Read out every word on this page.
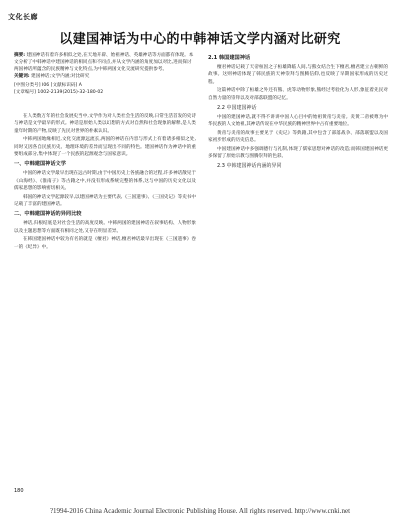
文化长廊
以建国神话为中心的中韩神话文学内涵对比研究
摘要: 建国神话有着许多相似之处,在天地开辟、始祖神话、英雄神话等方面都有体现。本文分析了中韩神话中建国神话的相同点和不同点,并从文学内涵的角度加以对比,进而探讨两国神话所蕴含的民族精神与文化特点,为中韩两国文化交流研究提供参考。
关键词: 建国神话;文学内涵;对比研究
[中图分类号] I06 [文献标识码] A
[文章编号] 1002-2139(2015)-32-180-02

在人类数万年的社会发展史当中,文学作为对人类社会生活的反映,日常生活首发的史诗与神话是文学最早的形式。神话是原始人类以幻想的方式对自然和社会现象的解释,是人类童年时期的产物,反映了先民对世界的朴素认识。

中韩两国地缘相近,文化交流源远流长,两国的神话在内容与形式上有着诸多相似之处,同时又因各自民族历史、地理环境的差异而呈现出不同的特色。建国神话作为神话中的重要组成部分,集中体现了一个民族的起源观念与国家意识。

一、中韩建国神话文学

中国的神话文学最早出现在远古时期,由于中国历史上各族融合的过程,许多神话散见于《山海经》、《淮南子》等古籍之中,并没有形成系统完整的体系,这与中国的历史文化以及儒家思想的影响密切相关。

韩国的神话文学起源较早,以建国神话为主要代表,《三国遗事》、《三国史记》等史书中记载了丰富的建国神话。

二、中韩建国神话的异同比较

神话,归根结底是对社会生活的高度反映。中韩两国的建国神话在叙事结构、人物形象以及主题思想等方面既有相同之处,又存在明显差异。

在韩国建国神话中较为有名的就是《檀君》神话,檀君神话最早出现在《三国遗事》卷一的《纪异》中。

2.1 韩国建国神话

檀君神话记载了天帝桓因之子桓雄降临人间,与熊女结合生下檀君,檀君建立古朝鲜的故事。这则神话体现了韩民族的天神崇拜与图腾信仰,也反映了早期国家形成的历史过程。

这篇神话中除了桓雄之外还有熊、虎等动物形象,熊经过考验化为人形,象征着先民对自然力量的崇拜以及对部落联盟的记忆。

2.2 中国建国神话

中国的建国神话,就不得不讲讲中国人心目中的始祖黄帝与炎帝。炎黄二帝被尊为中华民族的人文始祖,其神话传说在中华民族的精神世界中占有重要地位。

黄帝与炎帝的故事主要见于《史记》等典籍,其中包含了部落战争、部落联盟以及国家初步形成的历史信息。

中国建国神话中多强调德行与礼制,体现了儒家思想对神话的改造;而韩国建国神话更多保留了原始宗教与图腾崇拜的色彩。

2.3 中韩建国神话内涵的异同
180
?1994-2016 China Academic Journal Electronic Publishing House. All rights reserved. http://www.cnki.net
